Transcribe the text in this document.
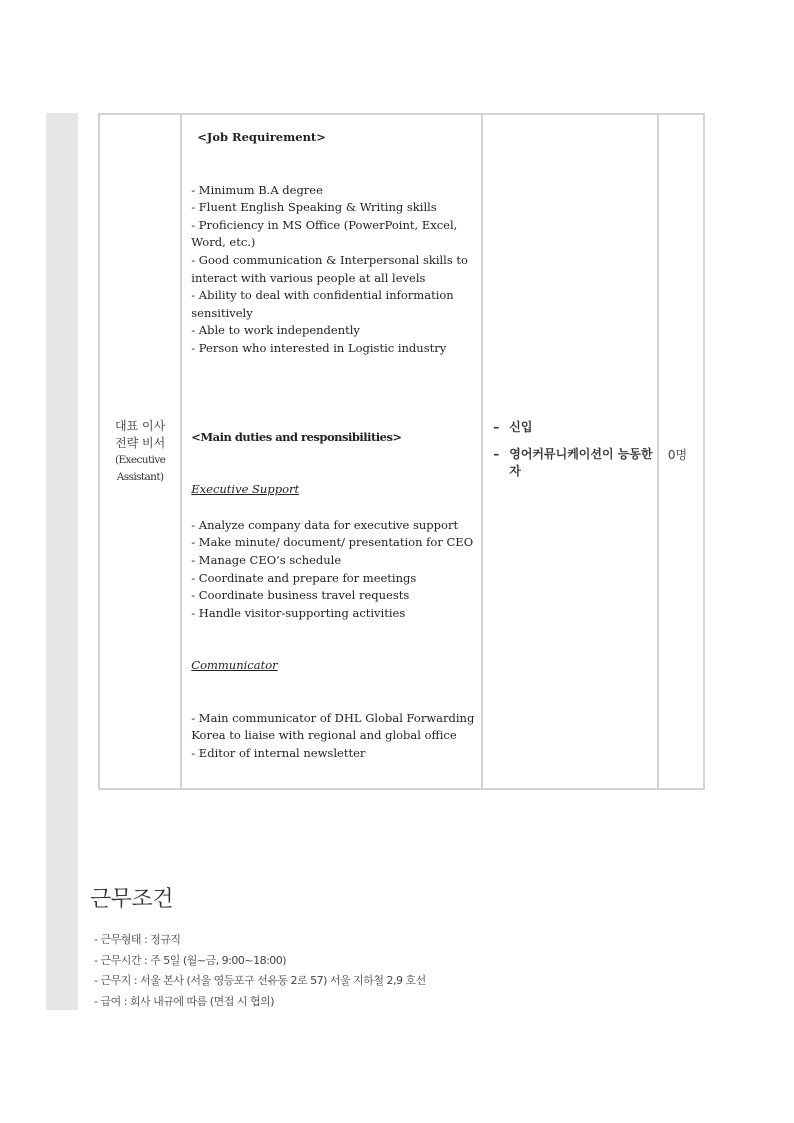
대표 이사
전략 비서
(Executive
Assistant)

<Job Requirement>
- Minimum B.A degree
- Fluent English Speaking & Writing skills
- Proficiency in MS Office (PowerPoint, Excel, Word, etc.)
- Good communication & Interpersonal skills to interact with various people at all levels
- Ability to deal with confidential information sensitively
- Able to work independently
- Person who interested in Logistic industry
<Main duties and responsibilities>
Executive Support
- Analyze company data for executive support
- Make minute/ document/ presentation for CEO
- Manage CEO’s schedule
- Coordinate and prepare for meetings
- Coordinate business travel requests
- Handle visitor-supporting activities
Communicator
- Main communicator of DHL Global Forwarding Korea to liaise with regional and global office
- Editor of internal newsletter

– 신입
– 영어커뮤니케이션이 능동한 자

0명
근무조건
- 근무형태 : 정규직
- 근무시간 : 주 5일 (월~금, 9:00~18:00)
- 근무지 : 서울 본사 (서울 영등포구 선유동 2로 57) 서울 지하철 2,9 호선
- 급여 : 회사 내규에 따름 (면접 시 협의)
